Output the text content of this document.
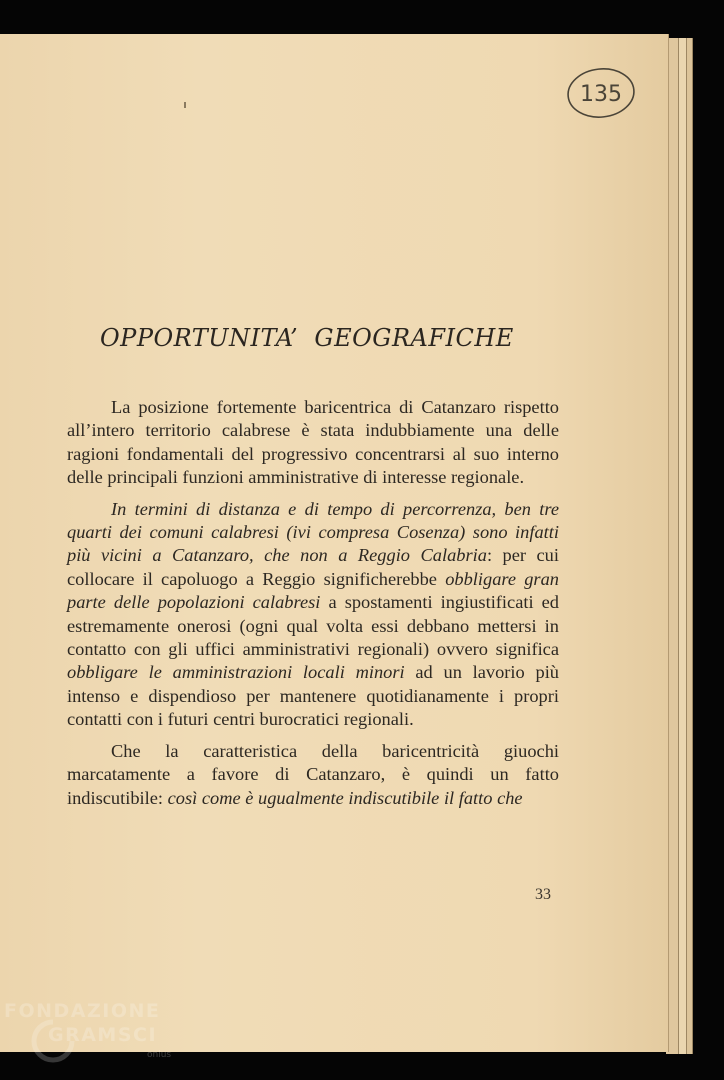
135
OPPORTUNITA’  GEOGRAFICHE

La posizione fortemente baricentrica di Catanzaro rispetto all’intero territorio calabrese è stata indubbiamente una delle ragioni fondamentali del progressivo concentrarsi al suo interno delle principali funzioni amministrative di interesse regionale.

In termini di distanza e di tempo di percorrenza, ben tre quarti dei comuni calabresi (ivi compresa Cosenza) sono infatti più vicini a Catanzaro, che non a Reggio Calabria: per cui collocare il capoluogo a Reggio significherebbe obbligare gran parte delle popolazioni calabresi a spostamenti ingiustificati ed estremamente onerosi (ogni qual volta essi debbano mettersi in contatto con gli uffici amministrativi regionali) ovvero significa obbligare le amministrazioni locali minori ad un lavorio più intenso e dispendioso per mantenere quotidianamente i propri contatti con i futuri centri burocratici regionali.

Che la caratteristica della baricentricità giuochi marcatamente a favore di Catanzaro, è quindi un fatto indiscutibile: così come è ugualmente indiscutibile il fatto che

33
FONDAZIONE
GRAMSCI
onlus
